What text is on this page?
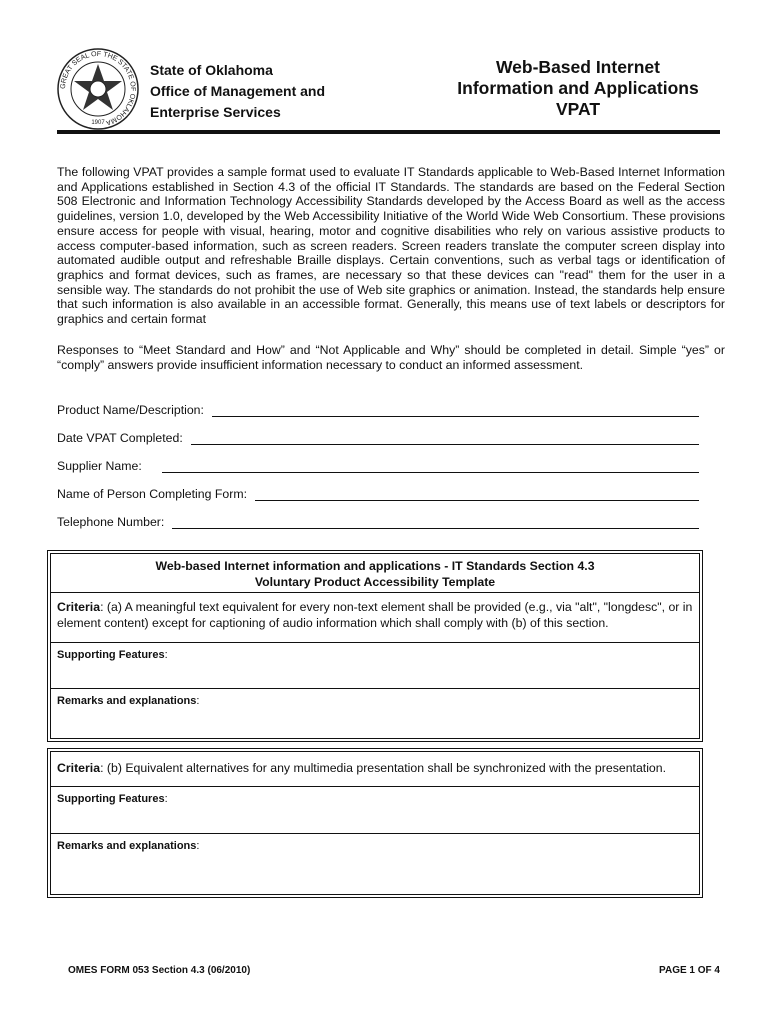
GREAT SEAL OF THE STATE OF OKLAHOMA
1907
State of Oklahoma
Office of Management and
Enterprise Services
Web-Based Internet
Information and Applications
VPAT
The following VPAT provides a sample format used to evaluate IT Standards applicable to Web-Based Internet Information and Applications established in Section 4.3 of the official IT Standards. The standards are based on the Federal Section 508 Electronic and Information Technology Accessibility Standards developed by the Access Board as well as the access guidelines, version 1.0, developed by the Web Accessibility Initiative of the World Wide Web Consortium. These provisions ensure access for people with visual, hearing, motor and cognitive disabilities who rely on various assistive products to access computer-based information, such as screen readers. Screen readers translate the computer screen display into automated audible output and refreshable Braille displays. Certain conventions, such as verbal tags or identification of graphics and format devices, such as frames, are necessary so that these devices can "read" them for the user in a sensible way. The standards do not prohibit the use of Web site graphics or animation. Instead, the standards help ensure that such information is also available in an accessible format. Generally, this means use of text labels or descriptors for graphics and certain format
Responses to “Meet Standard and How” and “Not Applicable and Why” should be completed in detail. Simple “yes” or “comply” answers provide insufficient information necessary to conduct an informed assessment.
Product Name/Description:
Date VPAT Completed:
Supplier Name:
Name of Person Completing Form:
Telephone Number:
Web-based Internet information and applications - IT Standards Section 4.3
Voluntary Product Accessibility Template
Criteria: (a) A meaningful text equivalent for every non-text element shall be provided (e.g., via "alt", "longdesc", or in element content) except for captioning of audio information which shall comply with (b) of this section.
Supporting Features:
Remarks and explanations:
Criteria: (b) Equivalent alternatives for any multimedia presentation shall be synchronized with the presentation.
Supporting Features:
Remarks and explanations:
OMES FORM 053 Section 4.3 (06/2010)	PAGE 1 OF 4
